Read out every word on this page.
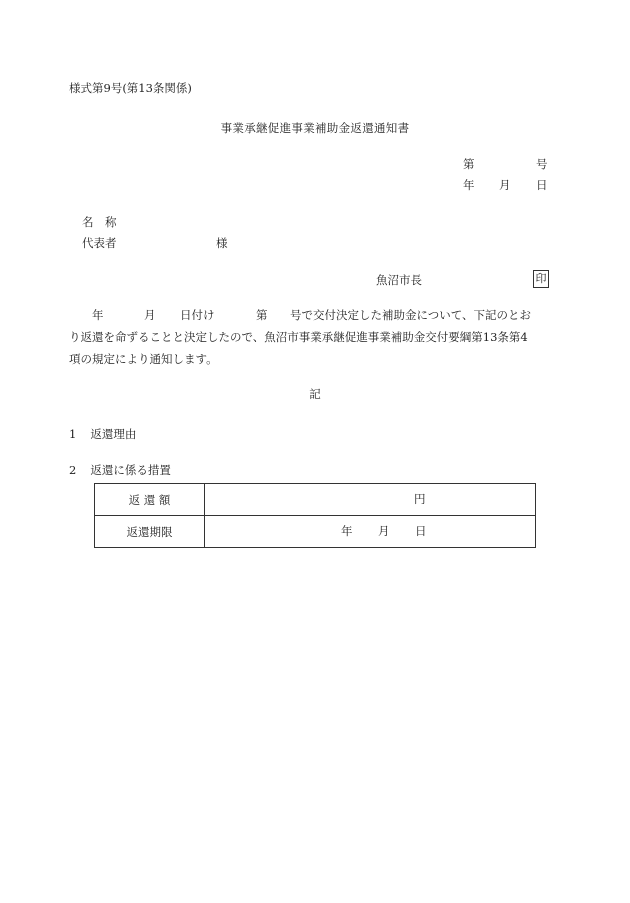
様式第9号(第13条関係)
事業承継促進事業補助金返還通知書
第	号
年 月 日
名　称
代表者	様
魚沼市長	印
年	月 日付け	第 号で交付決定した補助金について、下記のとお
り返還を命ずることと決定したので、魚沼市事業承継促進事業補助金交付要綱第13条第4
項の規定により通知します。
記
1 返還理由
2 返還に係る措置
返 還 額	円

返還期限	年 月 日
